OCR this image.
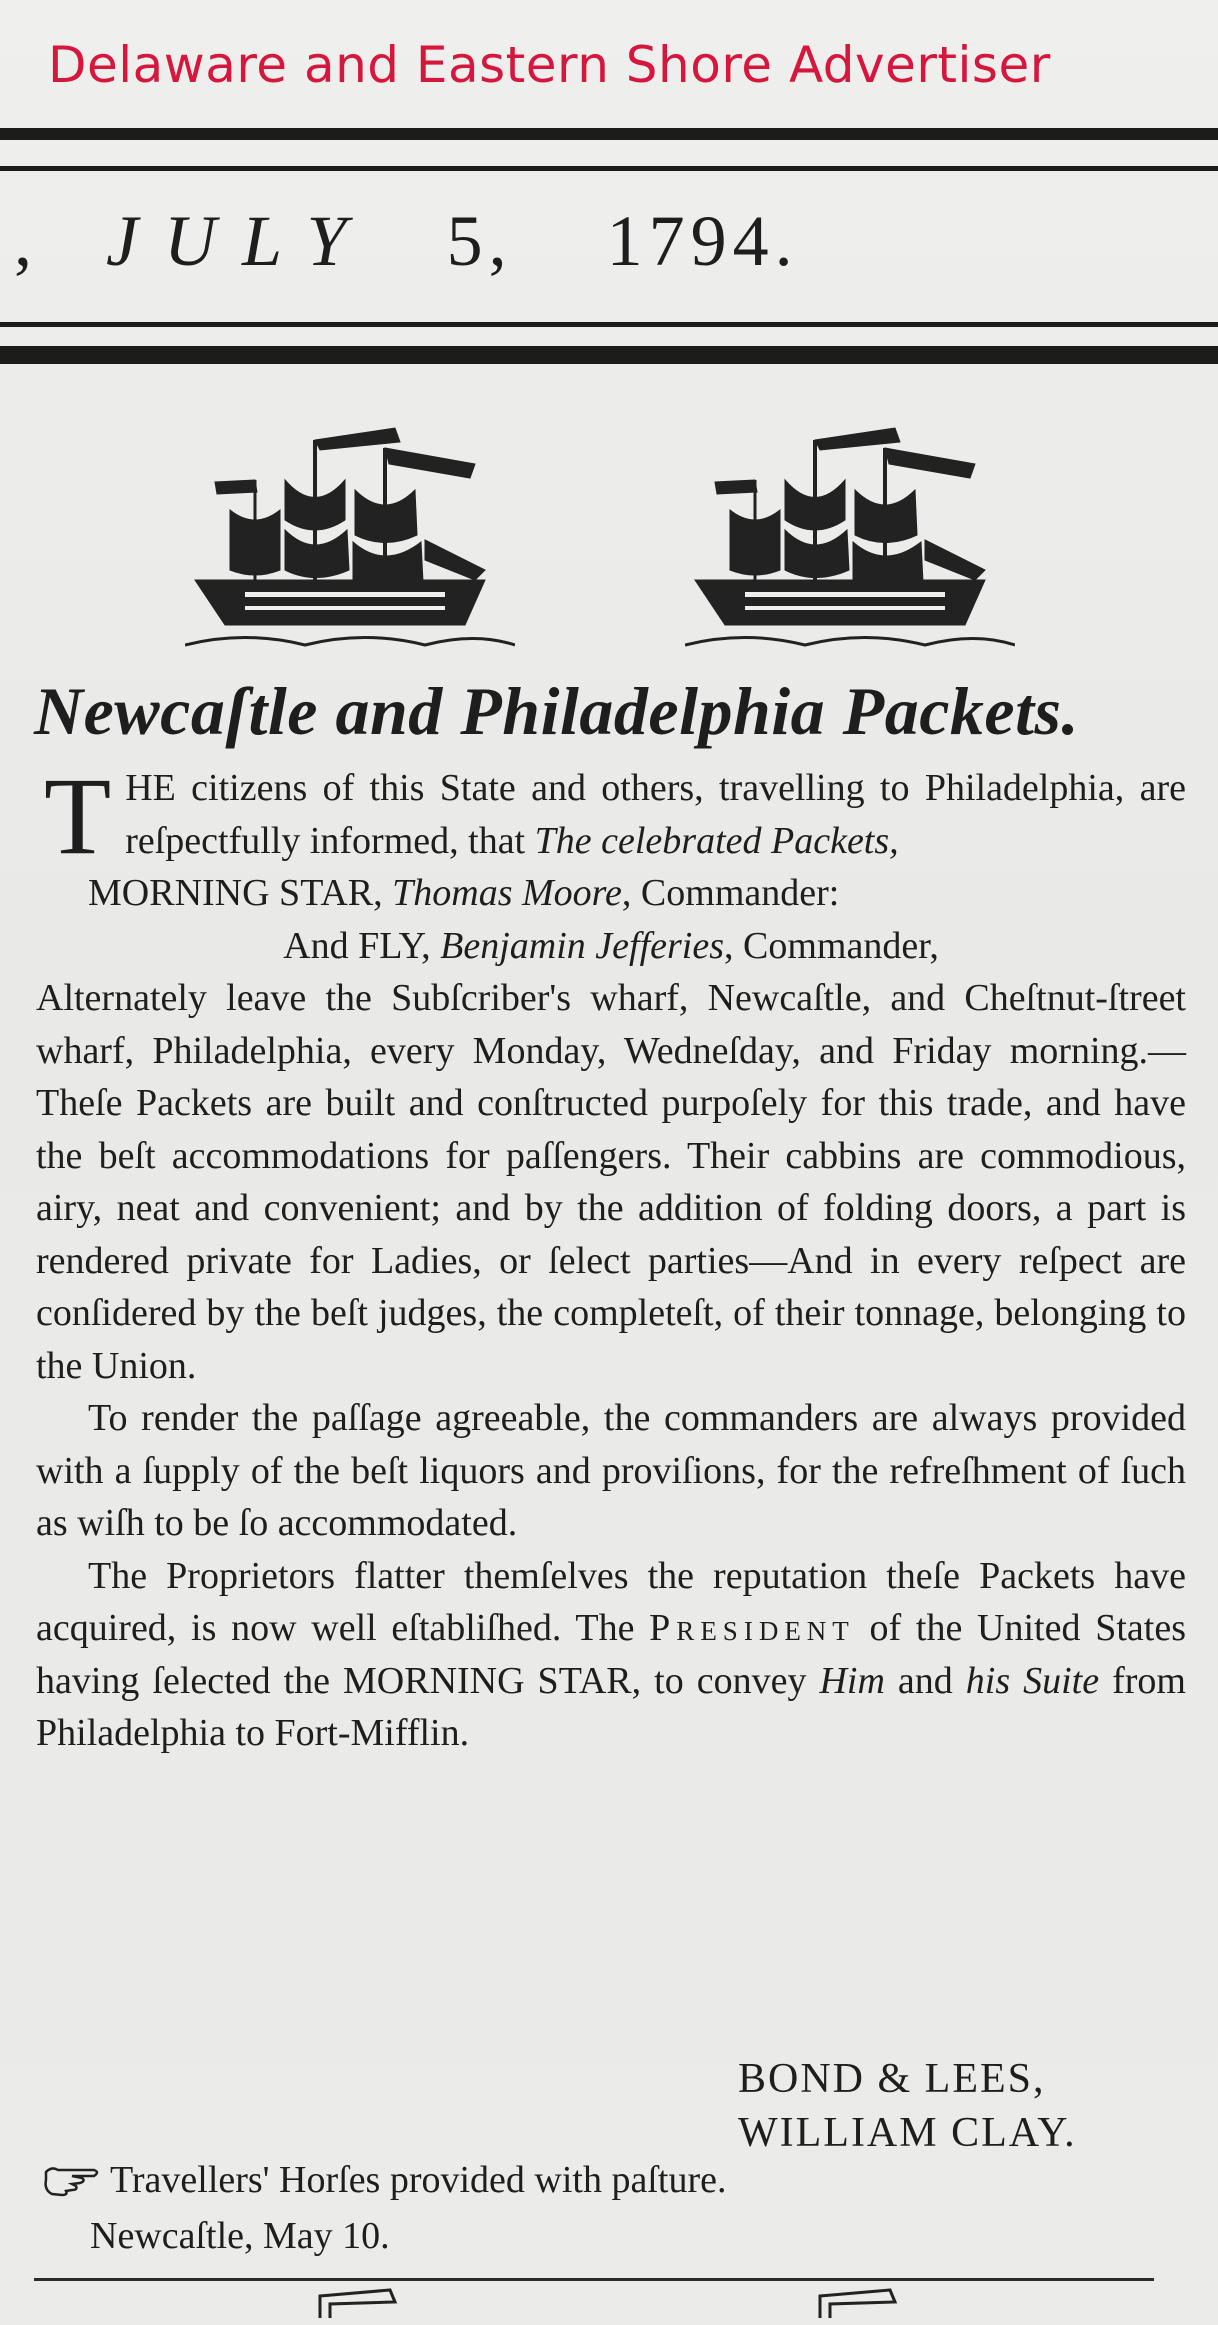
Delaware and Eastern Shore Advertiser
, JULY 5, 1794.
Newcaſtle and Philadelphia Packets.

THE citizens of this State and others, travelling to Philadelphia, are reſpectfully informed, that The celebrated Packets,

MORNING STAR, Thomas Moore, Commander:

And FLY, Benjamin Jefferies, Commander,

Alternately leave the Subſcriber's wharf, Newcaſtle, and Cheſtnut-ſtreet wharf, Philadelphia, every Monday, Wedneſday, and Friday morning.—Theſe Packets are built and conſtructed purpoſely for this trade, and have the beſt accommodations for paſſengers. Their cabbins are commodious, airy, neat and convenient; and by the addition of folding doors, a part is rendered private for Ladies, or ſelect parties—And in every reſpect are conſidered by the beſt judges, the completeſt, of their tonnage, belonging to the Union.

To render the paſſage agreeable, the commanders are always provided with a ſupply of the beſt liquors and proviſions, for the refreſhment of ſuch as wiſh to be ſo accommodated.

The Proprietors flatter themſelves the reputation theſe Packets have acquired, is now well eſtabliſhed. The President of the United States having ſelected the MORNING STAR, to convey Him and his Suite from Philadelphia to Fort-Mifflin.

BOND & LEES,
WILLIAM CLAY.
Travellers' Horſes provided with paſture.
Newcaſtle, May 10.
